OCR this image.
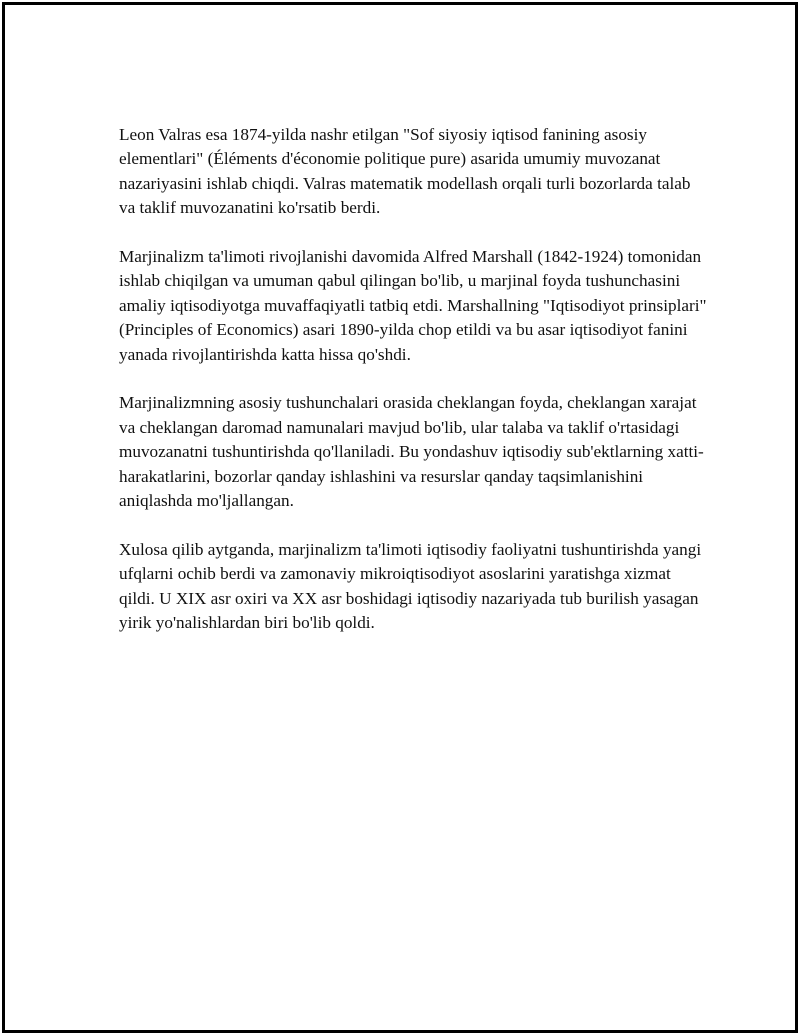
Leon Valras esa 1874-yilda nashr etilgan "Sof siyosiy iqtisod fanining asosiy elementlari" (Éléments d'économie politique pure) asarida umumiy muvozanat nazariyasini ishlab chiqdi. Valras matematik modellash orqali turli bozorlarda talab va taklif muvozanatini ko'rsatib berdi.

Marjinalizm ta'limoti rivojlanishi davomida Alfred Marshall (1842-1924) tomonidan ishlab chiqilgan va umuman qabul qilingan bo'lib, u marjinal foyda tushunchasini amaliy iqtisodiyotga muvaffaqiyatli tatbiq etdi. Marshallning "Iqtisodiyot prinsiplari" (Principles of Economics) asari 1890-yilda chop etildi va bu asar iqtisodiyot fanini yanada rivojlantirishda katta hissa qo'shdi.

Marjinalizmning asosiy tushunchalari orasida cheklangan foyda, cheklangan xarajat va cheklangan daromad namunalari mavjud bo'lib, ular talaba va taklif o'rtasidagi muvozanatni tushuntirishda qo'llaniladi. Bu yondashuv iqtisodiy sub'ektlarning xatti-harakatlarini, bozorlar qanday ishlashini va resurslar qanday taqsimlanishini aniqlashda mo'ljallangan.

Xulosa qilib aytganda, marjinalizm ta'limoti iqtisodiy faoliyatni tushuntirishda yangi ufqlarni ochib berdi va zamonaviy mikroiqtisodiyot asoslarini yaratishga xizmat qildi. U XIX asr oxiri va XX asr boshidagi iqtisodiy nazariyada tub burilish yasagan yirik yo'nalishlardan biri bo'lib qoldi.
